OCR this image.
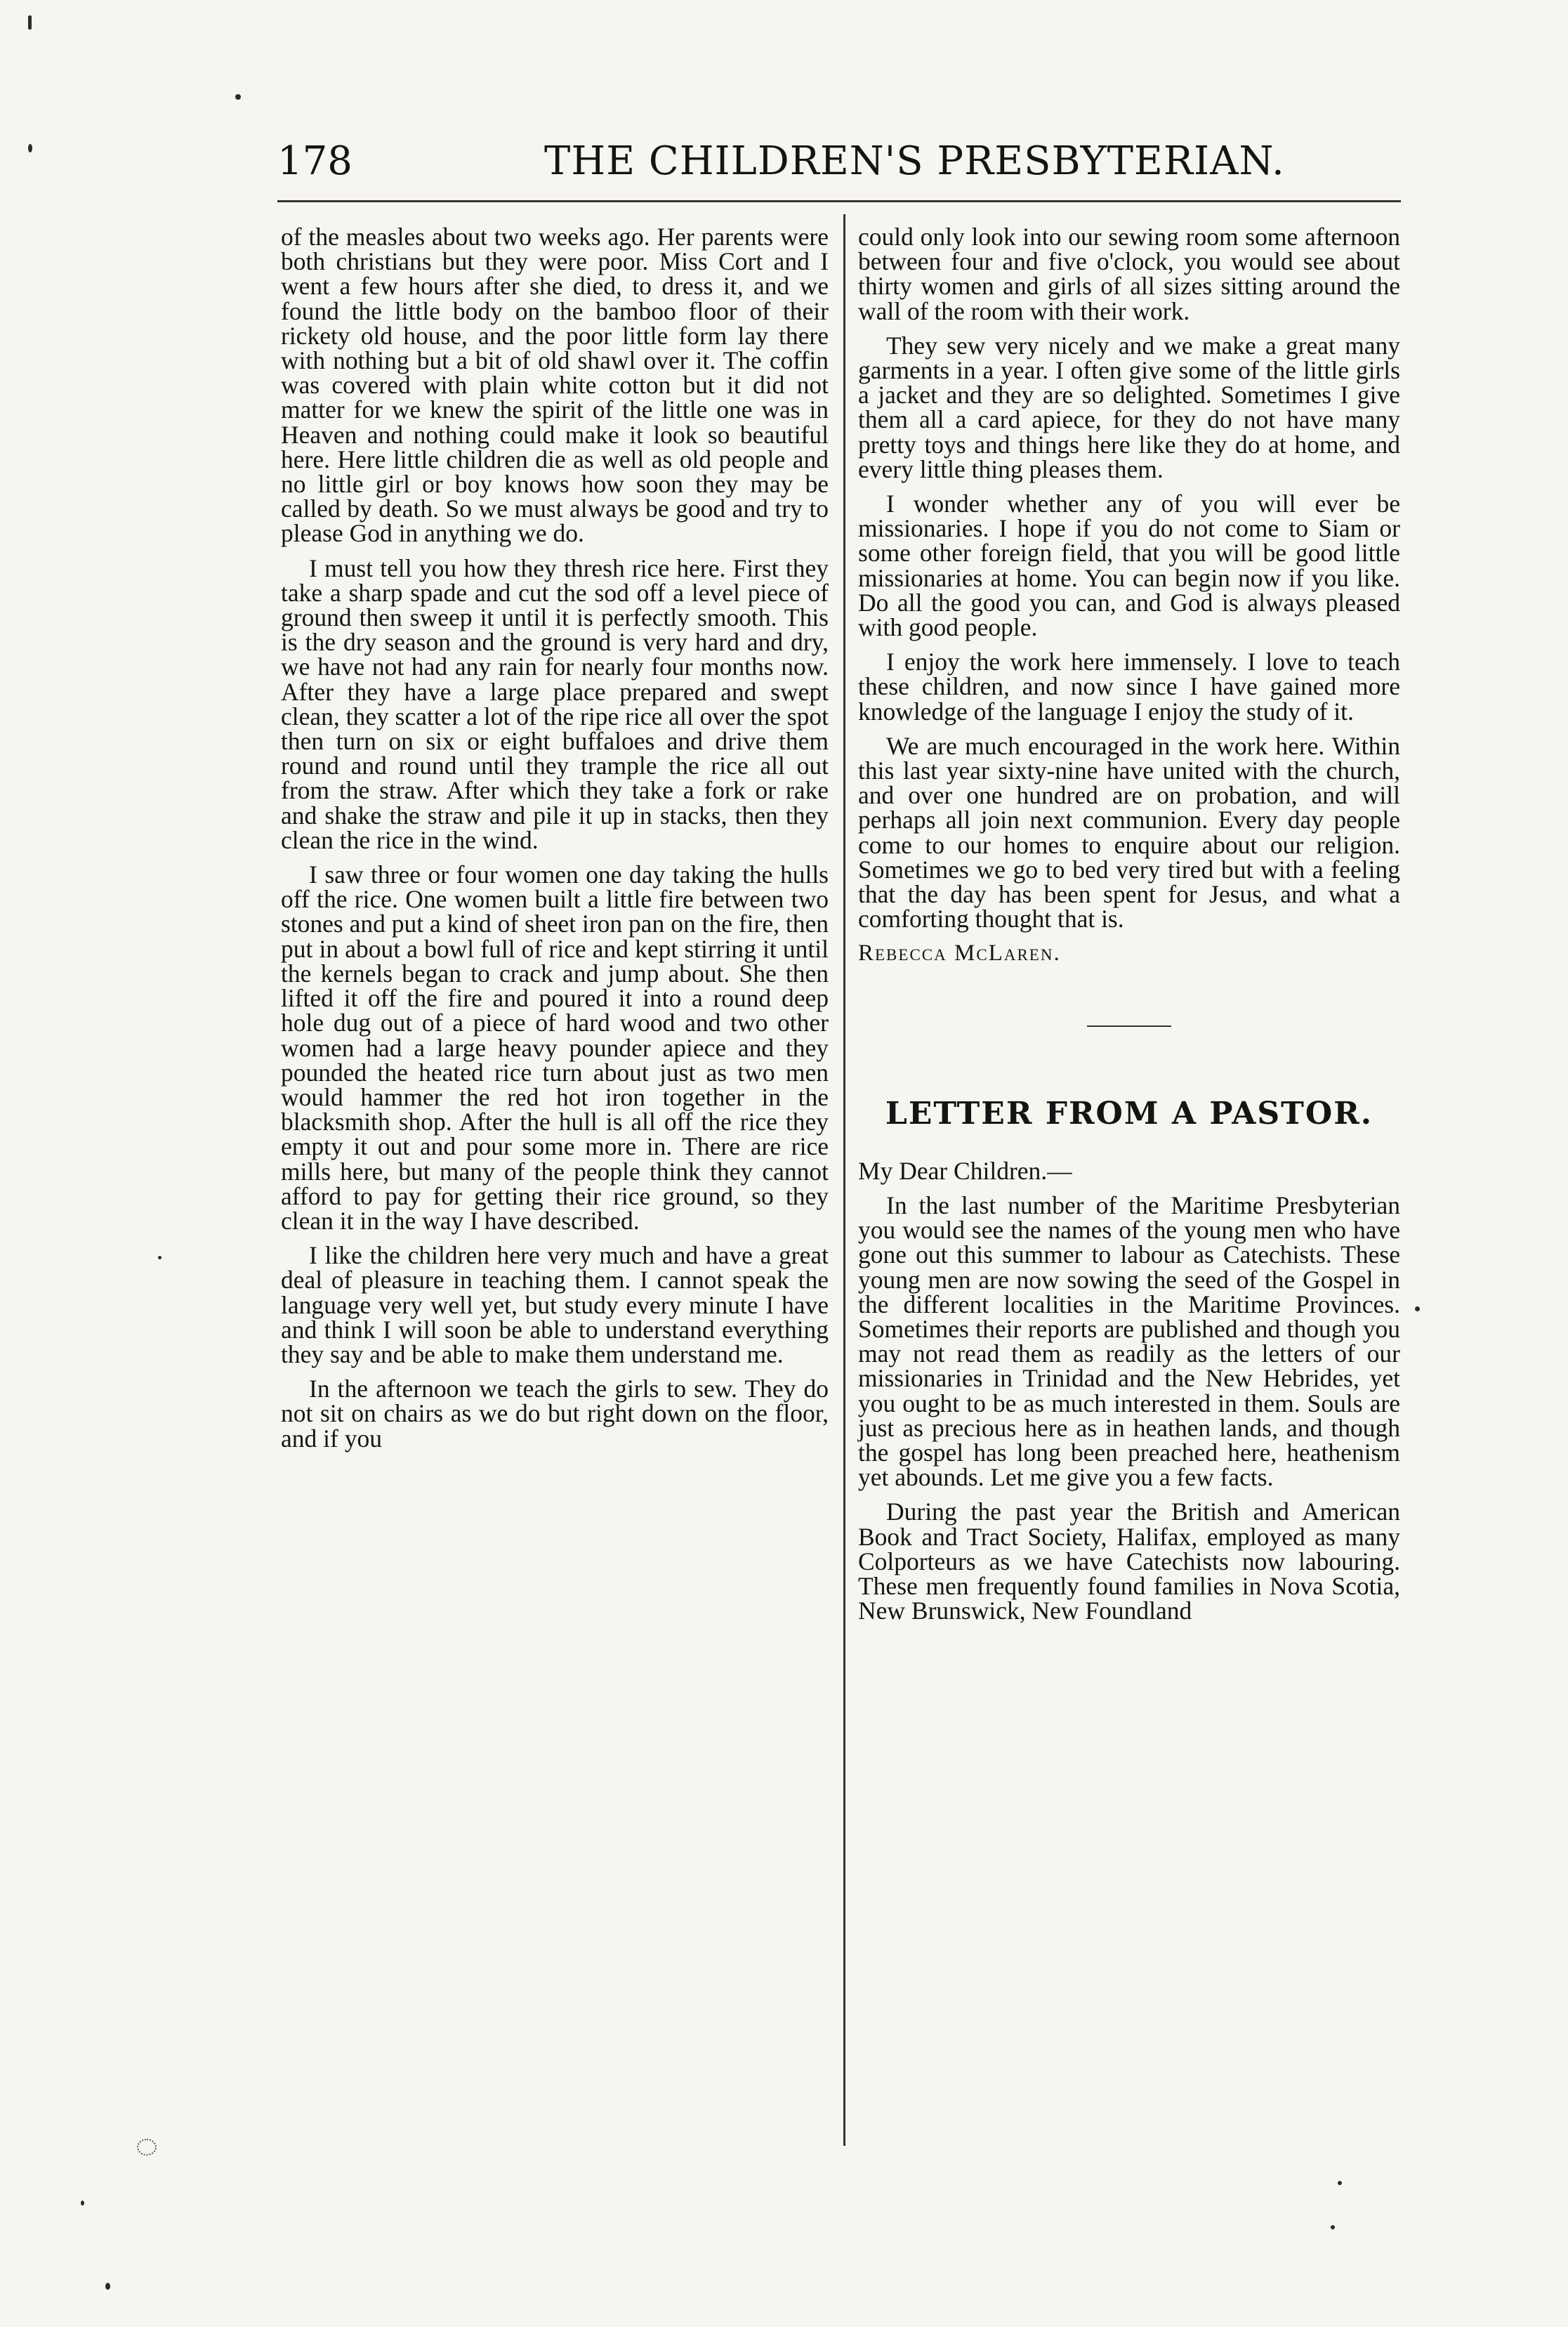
178	THE CHILDREN'S PRESBYTERIAN.

of the measles about two weeks ago. Her parents were both christians but they were poor. Miss Cort and I went a few hours after she died, to dress it, and we found the little body on the bamboo floor of their rickety old house, and the poor little form lay there with nothing but a bit of old shawl over it. The coffin was covered with plain white cotton but it did not matter for we knew the spirit of the little one was in Heaven and nothing could make it look so beautiful here. Here little children die as well as old people and no little girl or boy knows how soon they may be called by death. So we must always be good and try to please God in anything we do.

I must tell you how they thresh rice here. First they take a sharp spade and cut the sod off a level piece of ground then sweep it until it is perfectly smooth. This is the dry season and the ground is very hard and dry, we have not had any rain for nearly four months now. After they have a large place prepared and swept clean, they scatter a lot of the ripe rice all over the spot then turn on six or eight buffaloes and drive them round and round until they trample the rice all out from the straw. After which they take a fork or rake and shake the straw and pile it up in stacks, then they clean the rice in the wind.

I saw three or four women one day taking the hulls off the rice. One women built a little fire between two stones and put a kind of sheet iron pan on the fire, then put in about a bowl full of rice and kept stirring it until the kernels began to crack and jump about. She then lifted it off the fire and poured it into a round deep hole dug out of a piece of hard wood and two other women had a large heavy pounder apiece and they pounded the heated rice turn about just as two men would hammer the red hot iron together in the blacksmith shop. After the hull is all off the rice they empty it out and pour some more in. There are rice mills here, but many of the people think they cannot afford to pay for getting their rice ground, so they clean it in the way I have described.

I like the children here very much and have a great deal of pleasure in teaching them. I cannot speak the language very well yet, but study every minute I have and think I will soon be able to understand everything they say and be able to make them understand me.

In the afternoon we teach the girls to sew. They do not sit on chairs as we do but right down on the floor, and if you

could only look into our sewing room some afternoon between four and five o'clock, you would see about thirty women and girls of all sizes sitting around the wall of the room with their work.

They sew very nicely and we make a great many garments in a year. I often give some of the little girls a jacket and they are so delighted. Sometimes I give them all a card apiece, for they do not have many pretty toys and things here like they do at home, and every little thing pleases them.

I wonder whether any of you will ever be missionaries. I hope if you do not come to Siam or some other foreign field, that you will be good little missionaries at home. You can begin now if you like. Do all the good you can, and God is always pleased with good people.

I enjoy the work here immensely. I love to teach these children, and now since I have gained more knowledge of the language I enjoy the study of it.

We are much encouraged in the work here. Within this last year sixty-nine have united with the church, and over one hundred are on probation, and will perhaps all join next communion. Every day people come to our homes to enquire about our religion. Sometimes we go to bed very tired but with a feeling that the day has been spent for Jesus, and what a comforting thought that is.

Rebecca McLaren.

LETTER FROM A PASTOR.

My Dear Children.—

In the last number of the Maritime Presbyterian you would see the names of the young men who have gone out this summer to labour as Catechists. These young men are now sowing the seed of the Gospel in the different localities in the Maritime Provinces. Sometimes their reports are published and though you may not read them as readily as the letters of our missionaries in Trinidad and the New Hebrides, yet you ought to be as much interested in them. Souls are just as precious here as in heathen lands, and though the gospel has long been preached here, heathenism yet abounds. Let me give you a few facts.

During the past year the British and American Book and Tract Society, Halifax, employed as many Colporteurs as we have Catechists now labouring. These men frequently found families in Nova Scotia, New Brunswick, New Foundland
